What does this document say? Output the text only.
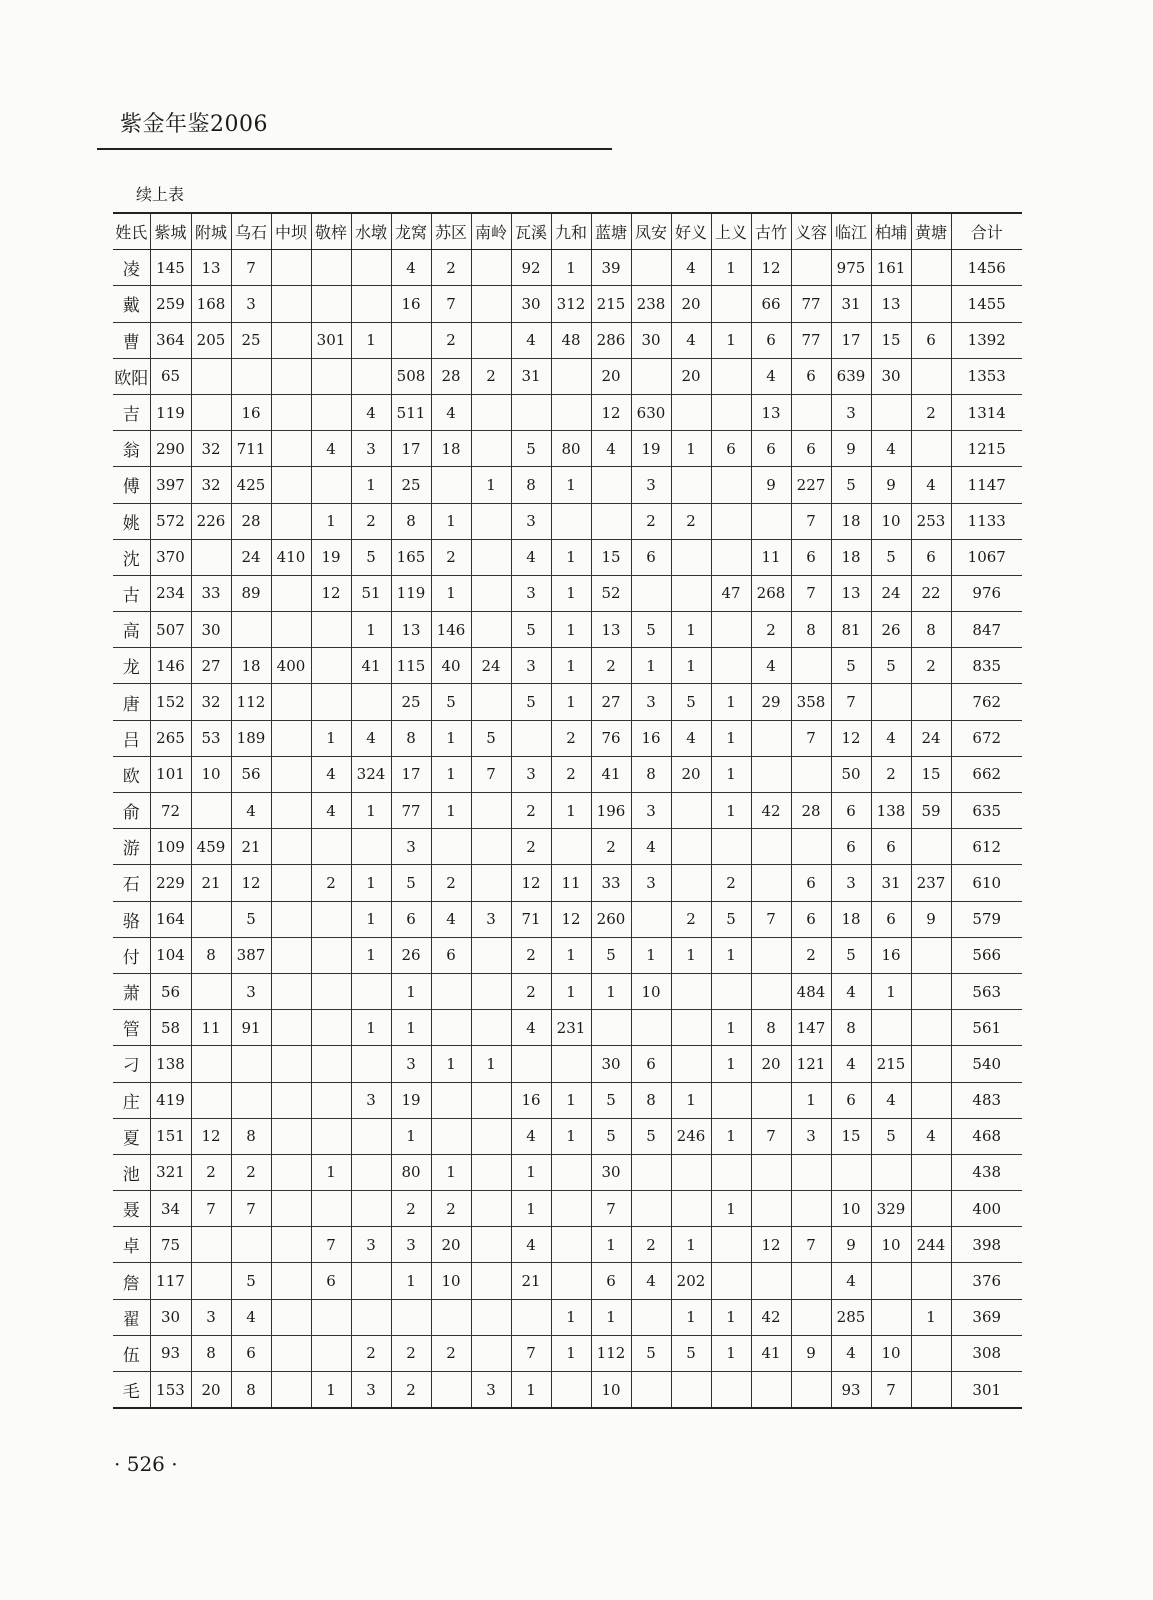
紫金年鉴2006
续上表
姓氏	紫城	附城	乌石	中坝	敬梓	水墩	龙窝	苏区	南岭	瓦溪	九和	蓝塘	凤安	好义	上义	古竹	义容	临江	柏埔	黄塘	合计
凌	145	13	7				4	2		92	1	39		4	1	12		975	161		1456
戴	259	168	3				16	7		30	312	215	238	20		66	77	31	13		1455
曹	364	205	25		301	1		2		4	48	286	30	4	1	6	77	17	15	6	1392
欧阳	65						508	28	2	31		20		20		4	6	639	30		1353
吉	119		16			4	511	4				12	630			13		3		2	1314
翁	290	32	711		4	3	17	18		5	80	4	19	1	6	6	6	9	4		1215
傅	397	32	425			1	25		1	8	1		3			9	227	5	9	4	1147
姚	572	226	28		1	2	8	1		3			2	2			7	18	10	253	1133
沈	370		24	410	19	5	165	2		4	1	15	6			11	6	18	5	6	1067
古	234	33	89		12	51	119	1		3	1	52			47	268	7	13	24	22	976
高	507	30				1	13	146		5	1	13	5	1		2	8	81	26	8	847
龙	146	27	18	400		41	115	40	24	3	1	2	1	1		4		5	5	2	835
唐	152	32	112				25	5		5	1	27	3	5	1	29	358	7			762
吕	265	53	189		1	4	8	1	5		2	76	16	4	1		7	12	4	24	672
欧	101	10	56		4	324	17	1	7	3	2	41	8	20	1			50	2	15	662
俞	72		4		4	1	77	1		2	1	196	3		1	42	28	6	138	59	635
游	109	459	21				3			2		2	4					6	6		612
石	229	21	12		2	1	5	2		12	11	33	3		2		6	3	31	237	610
骆	164		5			1	6	4	3	71	12	260		2	5	7	6	18	6	9	579
付	104	8	387			1	26	6		2	1	5	1	1	1		2	5	16		566
萧	56		3				1			2	1	1	10				484	4	1		563
管	58	11	91			1	1			4	231				1	8	147	8			561
刁	138						3	1	1			30	6		1	20	121	4	215		540
庄	419					3	19			16	1	5	8	1			1	6	4		483
夏	151	12	8				1			4	1	5	5	246	1	7	3	15	5	4	468
池	321	2	2		1		80	1		1		30									438
聂	34	7	7				2	2		1		7			1			10	329		400
卓	75				7	3	3	20		4		1	2	1		12	7	9	10	244	398
詹	117		5		6		1	10		21		6	4	202				4			376
翟	30	3	4								1	1		1	1	42		285		1	369
伍	93	8	6			2	2	2		7	1	112	5	5	1	41	9	4	10		308
毛	153	20	8		1	3	2		3	1		10						93	7		301
· 526 ·
